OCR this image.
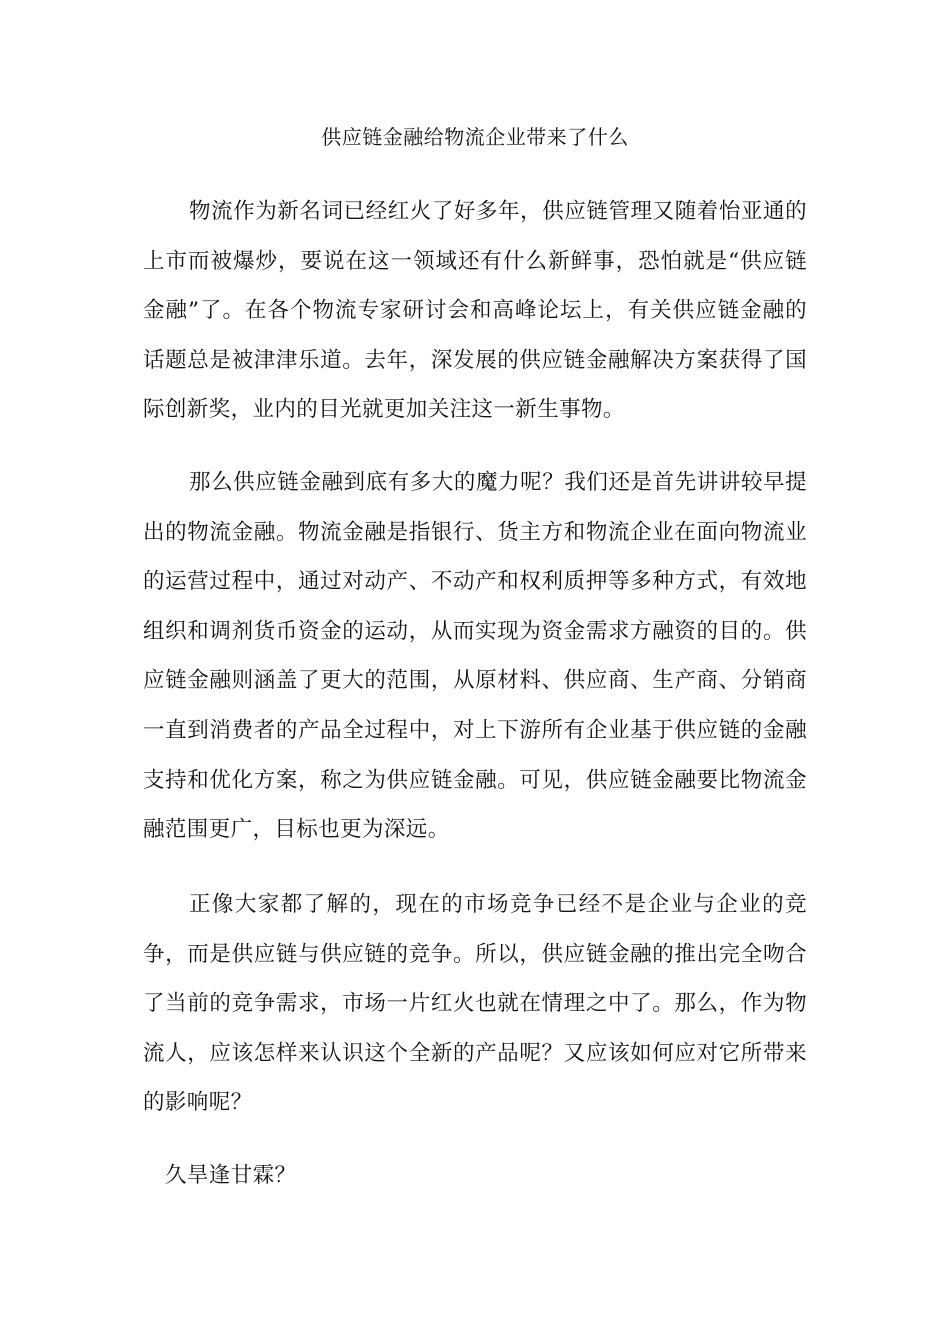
供应链金融给物流企业带来了什么

物流作为新名词已经红火了好多年，供应链管理又随着怡亚通的上市而被爆炒，要说在这一领域还有什么新鲜事，恐怕就是“供应链金融”了。在各个物流专家研讨会和高峰论坛上，有关供应链金融的话题总是被津津乐道。去年，深发展的供应链金融解决方案获得了国际创新奖，业内的目光就更加关注这一新生事物。

那么供应链金融到底有多大的魔力呢？我们还是首先讲讲较早提出的物流金融。物流金融是指银行、货主方和物流企业在面向物流业的运营过程中，通过对动产、不动产和权利质押等多种方式，有效地组织和调剂货币资金的运动，从而实现为资金需求方融资的目的。供应链金融则涵盖了更大的范围，从原材料、供应商、生产商、分销商一直到消费者的产品全过程中，对上下游所有企业基于供应链的金融支持和优化方案，称之为供应链金融。可见，供应链金融要比物流金融范围更广，目标也更为深远。

正像大家都了解的，现在的市场竞争已经不是企业与企业的竞争，而是供应链与供应链的竞争。所以，供应链金融的推出完全吻合了当前的竞争需求，市场一片红火也就在情理之中了。那么，作为物流人，应该怎样来认识这个全新的产品呢？又应该如何应对它所带来的影响呢？

久旱逢甘霖？
